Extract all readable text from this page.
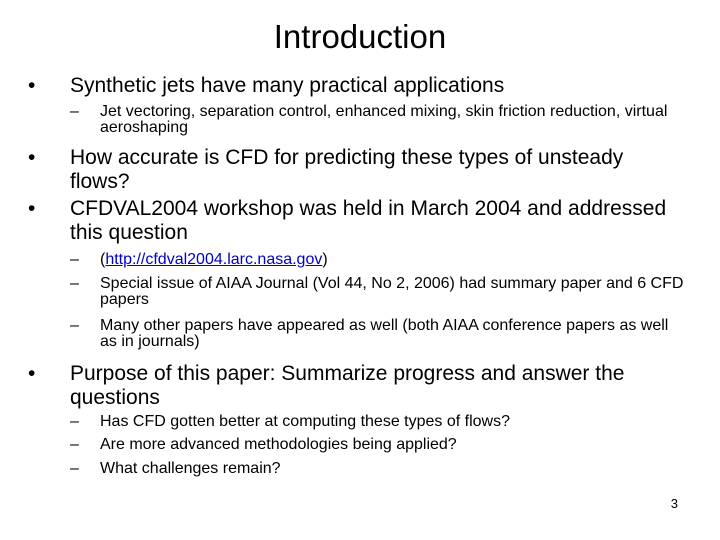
Introduction
•	Synthetic jets have many practical applications
– Jet vectoring, separation control, enhanced mixing, skin friction reduction, virtual aeroshaping
•	How accurate is CFD for predicting these types of unsteady flows?
•	CFDVAL2004 workshop was held in March 2004 and addressed this question
– (http://cfdval2004.larc.nasa.gov)
– Special issue of AIAA Journal (Vol 44, No 2, 2006) had summary paper and 6 CFD papers
– Many other papers have appeared as well (both AIAA conference papers as well as in journals)
•	Purpose of this paper: Summarize progress and answer the questions
– Has CFD gotten better at computing these types of flows?
– Are more advanced methodologies being applied?
– What challenges remain?
3
